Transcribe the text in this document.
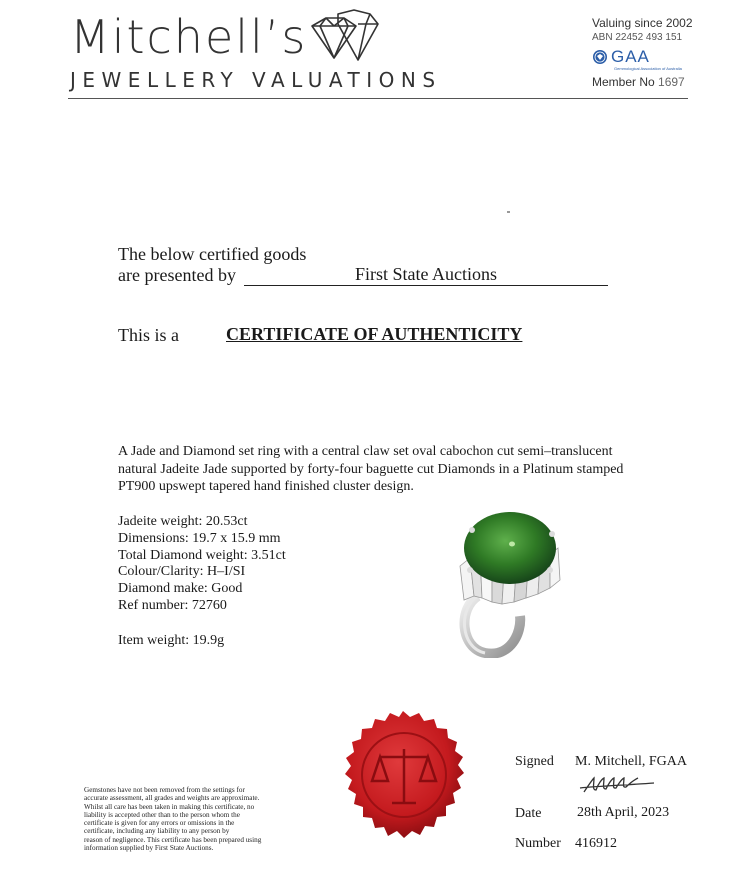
Mitchell’s
JEWELLERY VALUATIONS
Valuing since 2002
ABN 22452 493 151
GAA
Gemmological Association of Australia
Member No 1697
The below certified goods
are presented by	First State Auctions
This is a	CERTIFICATE OF AUTHENTICITY
A Jade and Diamond set ring with a central claw set oval cabochon cut semi–translucent
natural Jadeite Jade supported by forty-four baguette cut Diamonds in a Platinum stamped
PT900 upswept tapered hand finished cluster design.
Jadeite weight: 20.53ct
Dimensions: 19.7 x 15.9 mm
Total Diamond weight: 3.51ct
Colour/Clarity: H–I/SI
Diamond make: Good
Ref number: 72760
Item weight: 19.9g
Gemstones have not been removed from the settings for
accurate assessment, all grades and weights are approximate.
Whilst all care has been taken in making this certificate, no
liability is accepted other than to the person whom the
certificate is given for any errors or omissions in the
certificate, including any liability to any person by
reason of negligence. This certificate has been prepared using
information supplied by First State Auctions.
Signed M. Mitchell, FGAA
Date	28th April, 2023
Number 416912
